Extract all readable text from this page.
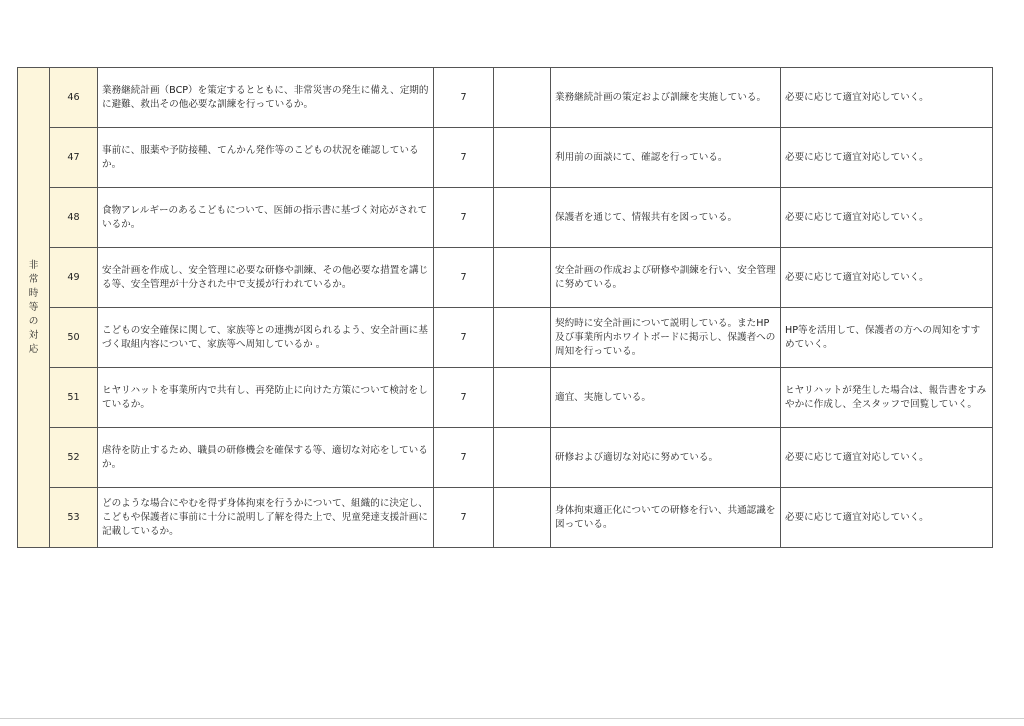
非常時等の対応	46	業務継続計画（BCP）を策定するとともに、非常災害の発生に備え、定期的に避難、救出その他必要な訓練を行っているか。	7		業務継続計画の策定および訓練を実施している。	必要に応じて適宜対応していく。
	47	事前に、服薬や予防接種、てんかん発作等のこどもの状況を確認しているか。	7		利用前の面談にて、確認を行っている。	必要に応じて適宜対応していく。
	48	食物アレルギーのあるこどもについて、医師の指示書に基づく対応がされているか。	7		保護者を通じて、情報共有を図っている。	必要に応じて適宜対応していく。
	49	安全計画を作成し、安全管理に必要な研修や訓練、その他必要な措置を講じる等、安全管理が十分された中で支援が行われているか。	7		安全計画の作成および研修や訓練を行い、安全管理に努めている。	必要に応じて適宜対応していく。
	50	こどもの安全確保に関して、家族等との連携が図られるよう、安全計画に基づく取組内容について、家族等へ周知しているか 。	7		契約時に安全計画について説明している。またHP及び事業所内ホワイトボードに掲示し、保護者への周知を行っている。	HP等を活用して、保護者の方への周知をすすめていく。
	51	ヒヤリハットを事業所内で共有し、再発防止に向けた方策について検討をしているか。	7		適宜、実施している。	ヒヤリハットが発生した場合は、報告書をすみやかに作成し、全スタッフで回覧していく。
	52	虐待を防止するため、職員の研修機会を確保する等、適切な対応をしているか。	7		研修および適切な対応に努めている。	必要に応じて適宜対応していく。
	53	どのような場合にやむを得ず身体拘束を行うかについて、組織的に決定し、こどもや保護者に事前に十分に説明し了解を得た上で、児童発達支援計画に記載しているか。	7		身体拘束適正化についての研修を行い、共通認識を図っている。	必要に応じて適宜対応していく。
